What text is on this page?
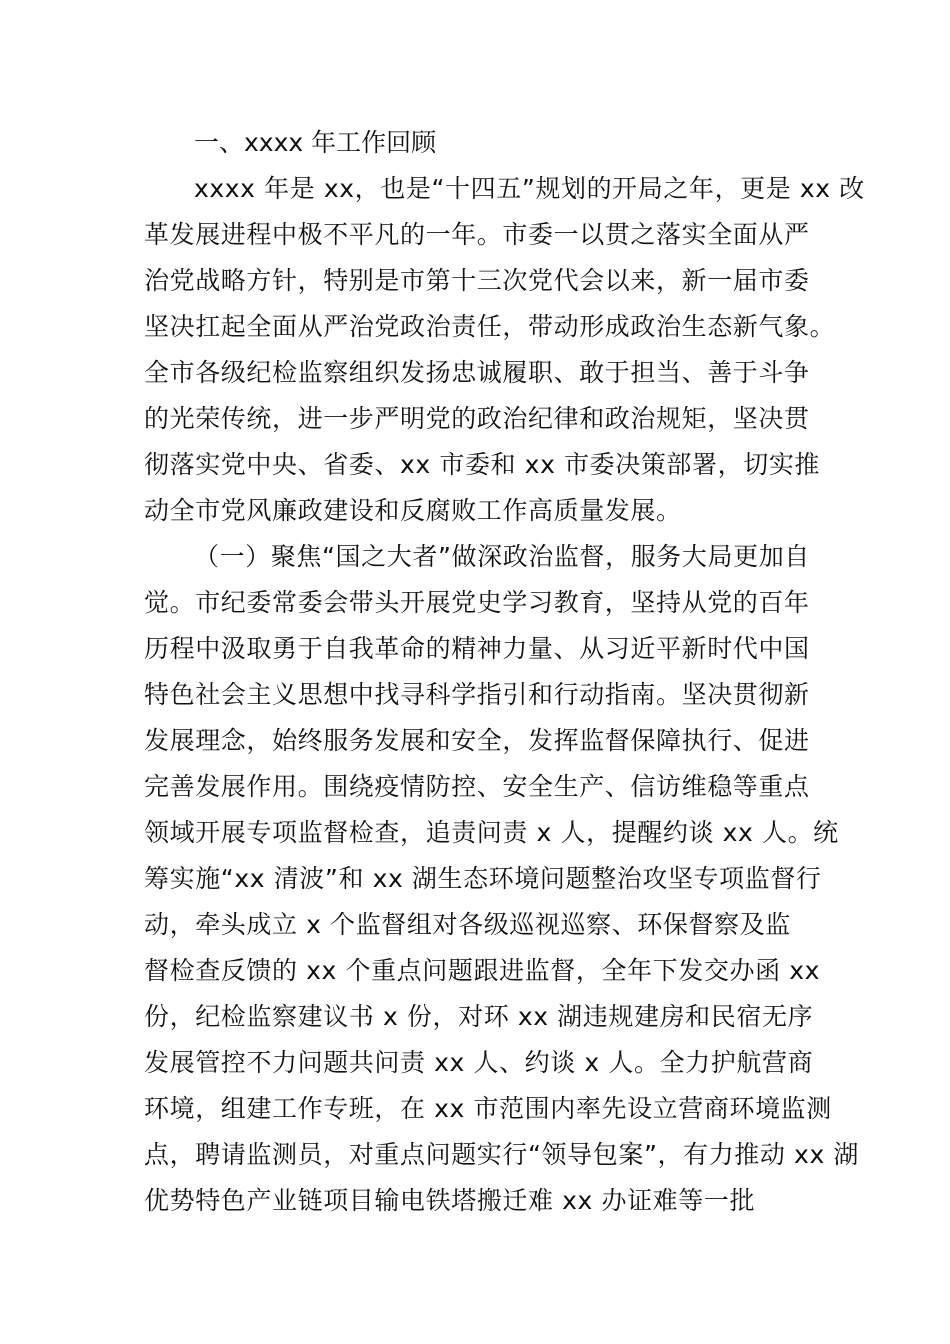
一、xxxx 年工作回顾
xxxx 年是 xx，也是“十四五”规划的开局之年，更是 xx 改
革发展进程中极不平凡的一年。市委一以贯之落实全面从严
治党战略方针，特别是市第十三次党代会以来，新一届市委
坚决扛起全面从严治党政治责任，带动形成政治生态新气象。
全市各级纪检监察组织发扬忠诚履职、敢于担当、善于斗争
的光荣传统，进一步严明党的政治纪律和政治规矩，坚决贯
彻落实党中央、省委、xx 市委和 xx 市委决策部署，切实推
动全市党风廉政建设和反腐败工作高质量发展。
（一）聚焦“国之大者”做深政治监督，服务大局更加自
觉。市纪委常委会带头开展党史学习教育，坚持从党的百年
历程中汲取勇于自我革命的精神力量、从习近平新时代中国
特色社会主义思想中找寻科学指引和行动指南。坚决贯彻新
发展理念，始终服务发展和安全，发挥监督保障执行、促进
完善发展作用。围绕疫情防控、安全生产、信访维稳等重点
领域开展专项监督检查，追责问责 x 人，提醒约谈 xx 人。统
筹实施“xx 清波”和 xx 湖生态环境问题整治攻坚专项监督行
动，牵头成立 x 个监督组对各级巡视巡察、环保督察及监
督检查反馈的 xx 个重点问题跟进监督，全年下发交办函 xx
份，纪检监察建议书 x 份，对环 xx 湖违规建房和民宿无序
发展管控不力问题共问责 xx 人、约谈 x 人。全力护航营商
环境，组建工作专班，在 xx 市范围内率先设立营商环境监测
点，聘请监测员，对重点问题实行“领导包案”，有力推动 xx 湖
优势特色产业链项目输电铁塔搬迁难 xx 办证难等一批
